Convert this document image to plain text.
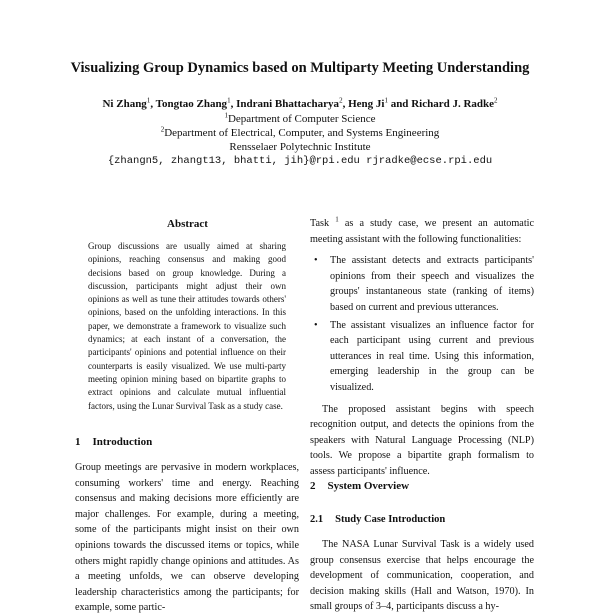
Visualizing Group Dynamics based on Multiparty Meeting Understanding
Ni Zhang$^1$, Tongtao Zhang$^1$, Indrani Bhattacharya$^2$, Heng Ji$^1$ and Richard J. Radke$^2$
$^1$Department of Computer Science
$^2$Department of Electrical, Computer, and Systems Engineering
Rensselaer Polytechnic Institute
{zhangn5, zhangt13, bhatti, jih}@rpi.edu rjradke@ecse.rpi.edu
Abstract
Group discussions are usually aimed at sharing opinions, reaching consensus and making good decisions based on group knowledge. During a discussion, participants might adjust their own opinions as well as tune their attitudes towards others' opinions, based on the unfolding interactions. In this paper, we demonstrate a framework to visualize such dynamics; at each instant of a conversation, the participants' opinions and potential influence on their counterparts is easily visualized. We use multi-party meeting opinion mining based on bipartite graphs to extract opinions and calculate mutual influential factors, using the Lunar Survival Task as a study case.
1 Introduction
Group meetings are pervasive in modern workplaces, consuming workers' time and energy. Reaching consensus and making decisions more efficiently are major challenges. For example, during a meeting, some of the participants might insist on their own opinions towards the discussed items or topics, while others might rapidly change opinions and attitudes. As a meeting unfolds, we can observe developing leadership characteristics among the participants; for example, some partic-

Task $^1$ as a study case, we present an automatic meeting assistant with the following functionalities:

• The assistant detects and extracts participants' opinions from their speech and visualizes the groups' instantaneous state (ranking of items) based on current and previous utterances.
• The assistant visualizes an influence factor for each participant using current and previous utterances in real time. Using this information, emerging leadership in the group can be visualized.

The proposed assistant begins with speech recognition output, and detects the opinions from the speakers with Natural Language Processing (NLP) tools. We propose a bipartite graph formalism to assess participants' influence.

2 System Overview
2.1 Study Case Introduction
The NASA Lunar Survival Task is a widely used group consensus exercise that helps encourage the development of communication, cooperation, and decision making skills (Hall and Watson, 1970). In small groups of 3–4, participants discuss a hy-
